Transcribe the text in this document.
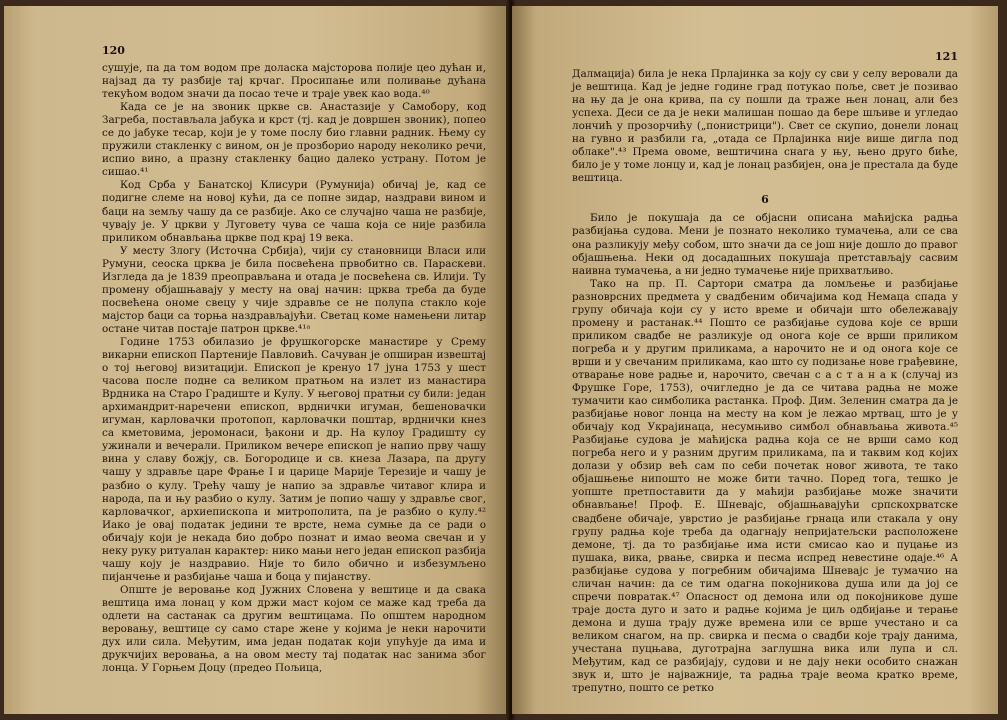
120

сушује, па да том водом пре доласка мајсторова полије цео дућан и, најзад да ту разбије тај крчаг. Просипање или поливање дућана текућом водом значи да посао тече и траје увек као вода.⁴⁰

Када се је на звоник цркве св. Анастазије у Самобору, код Загреба, постављала јабука и крст (тј. кад је довршен звоник), попео се до јабуке тесар, који је у томе послу био главни радник. Њему су пружили стакленку с вином, он је прозборио народу неколико речи, испио вино, а празну стакленку бацио далеко устрану. Потом је сишао.⁴¹

Код Срба у Банатској Клисури (Румунија) обичај је, кад се подигне слеме на новој кући, да се попне зидар, наздрави вином и баци на земљу чашу да се разбије. Ако се случајно чаша не разбије, чувају је. У цркви у Луговету чува се чаша која се није разбила приликом обнављања цркве под крај 19 века.

У месту Злогу (Источна Србија), чији су становници Власи или Румуни, сеоска црква је била посвећена првобитно св. Параскеви. Изгледа да је 1839 преоправљана и отада је посвећена св. Илији. Ту промену објашњавају у месту на овај начин: црква треба да буде посвећена ономе свецу у чије здравље се не полупа стакло које мајстор баци са торња наздрављајући. Светац коме намењени литар остане читав постаје патрон цркве.⁴¹ᵃ

Године 1753 обилазио је фрушкогорске манастире у Срему викарни епископ Партеније Павловић. Сачуван је опширан извештај о тој његовој визитацији. Епископ је кренуо 17 јуна 1753 у шест часова после подне са великом пратњом на излет из манастира Врдника на Старо Градиште и Кулу. У његовој пратњи су били: један архимандрит-наречени епископ, врднички игуман, бешеновачки игуман, карловачки протопоп, карловачки поштар, врднички кнез са кметовима, јеромонаси, ђакони и др. На кулоу Градишту су ужинали и вечерали. Приликом вечере епископ је напио прву чашу вина у славу божју, св. Богородице и св. кнеза Лазара, па другу чашу у здравље царе Фрање I и царице Марије Терезије и чашу је разбио о кулу. Трећу чашу је напио за здравље читавог клира и народа, па и њу разбио о кулу. Затим је попио чашу у здравље свог, карловачког, архиепископа и митрополита, па је разбио о кулу.⁴² Иако је овај податак једини те врсте, нема сумње да се ради о обичају који је некада био добро познат и имао веома свечан и у неку руку ритуалан карактер: нико мањи него један епископ разбија чашу коју је наздравио. Није то било обично и избезумљено пијанчење и разбијање чаша и боца у пијанству.

Опште је веровање код Јужних Словена у вештице и да свака вештица има лонац у ком држи маст којом се маже кад треба да одлети на састанак са другим вештицама. По општем народном веровању, вештице су само старе жене у којима је неки нарочити дух или сила. Међутим, има један податак који упућује да има и друкчијих веровања, а на овом месту тај податак нас занима због лонца. У Горњем Доцу (предео Пољица,

121

Далмација) била је нека Прлајинка за коју су сви у селу веровали да је вештица. Кад је једне године град потукао поље, свет је позивао на њу да је она крива, па су пошли да траже њен лонац, али без успеха. Деси се да је неки малишан пошао да бере шљиве и угледао лончић у прозорчићу („понистрици"). Свет се скупио, донели лонац на гувно и разбили га, „отада се Прлајинка није више дигла под облаке".⁴³ Према овоме, вештичина снага у њу, њено друго биће, било је у томе лонцу и, кад је лонац разбијен, она је престала да буде вештица.

6

Било је покушаја да се објасни описана маћијска радња разбијања судова. Мени је познато неколико тумачења, али се сва она разликују међу собом, што значи да се још није дошло до правог објашњења. Неки од досадашњих покушаја претстављају сасвим наивна тумачења, а ни једно тумачење није прихватљиво.

Тако на пр. П. Сартори сматра да ломљење и разбијање разноврсних предмета у свадбеним обичајима код Немаца спада у групу обичаја који су у исто време и обичаји што обележавају промену и растанак.⁴⁴ Пошто се разбијање судова које се врши приликом свадбе не разликује од онога које се врши приликом погреба и у другим приликама, а нарочито не и од онога које се врши и у свечаним приликама, као што су подизање нове грађевине, отварање нове радње и, нарочито, свечан с а с т а н а к (случај из Фрушке Горе, 1753), очигледно је да се читава радња не може тумачити као симболика растанка. Проф. Дим. Зеленин сматра да је разбијање новог лонца на месту на ком је лежао мртвац, што је у обичају код Украјинаца, несумњиво симбол обнављања живота.⁴⁵ Разбијање судова је маћијска радња која се не врши само код погреба него и у разним другим приликама, па и таквим код којих долази у обзир већ сам по себи почетак новог живота, те тако објашњење нипошто не може бити тачно. Поред тога, тешко је уопште претпоставити да у маћији разбијање може значити обнављање! Проф. Е. Шневајс, објашњавајући српскохрватске свадбене обичаје, уврстио је разбијање грнаца или стакала у ону групу радња које треба да одагнају непријатељски расположене демоне, тј. да то разбијање има исти смисао као и пуцање из пушака, вика, рвање, свирка и песма испред невестине одаје.⁴⁶ А разбијање судова у погребним обичајима Шневајс је тумачио на сличан начин: да се тим одагна покојникова душа или да јој се спречи повратак.⁴⁷ Опасност од демона или од покојникове душе траје доста дуго и зато и радње којима је циљ одбијање и терање демона и душа трају дуже времена или се врше учестано и са великом снагом, на пр. свирка и песма о свадби које трају данима, учестана пуцњава, дуготрајна заглушна вика или лупа и сл. Међутим, кад се разбијају, судови и не дају неки особито снажан звук и, што је најважније, та радња траје веома кратко време, трепутно, пошто се ретко
